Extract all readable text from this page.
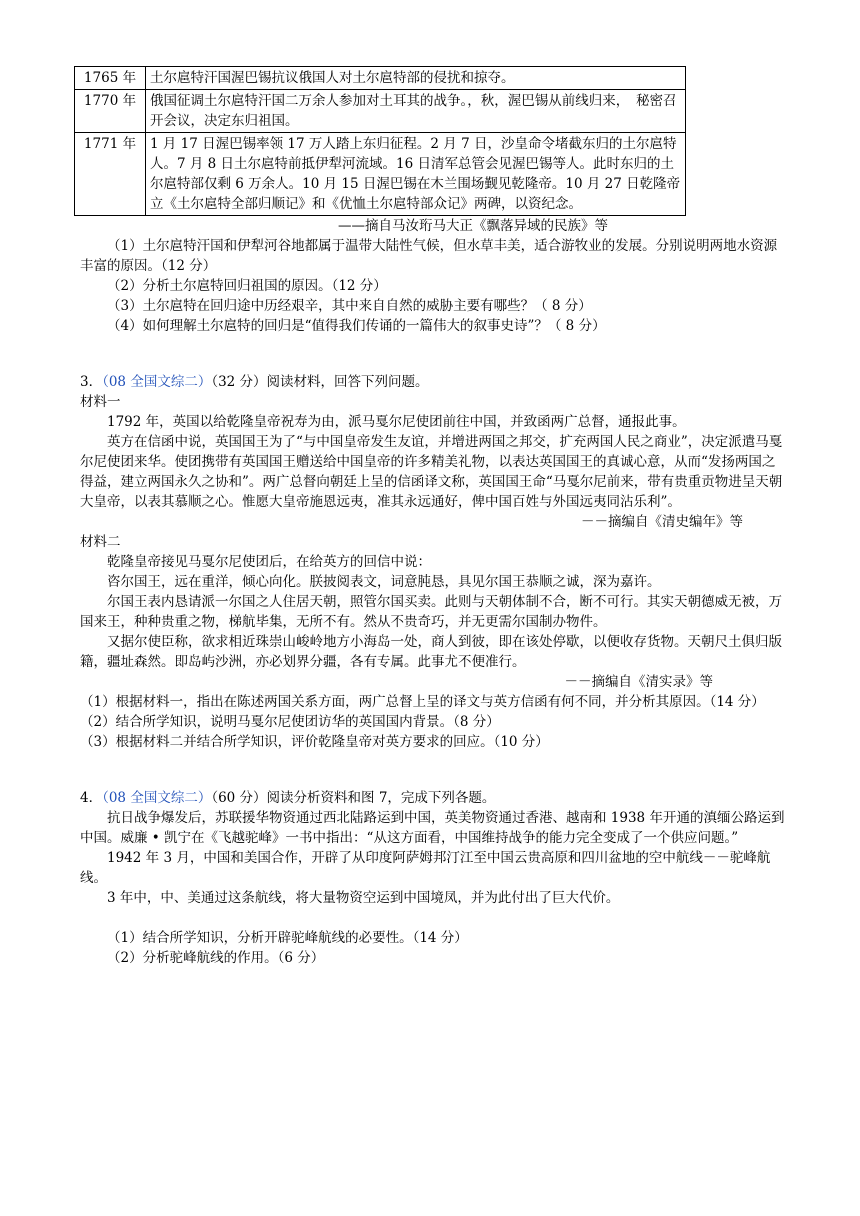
1765 年	土尔扈特汗国渥巴锡抗议俄国人对土尔扈特部的侵扰和掠夺。
1770 年	俄国征调土尔扈特汗国二万余人参加对土耳其的战争。，秋，渥巴锡从前线归来，　秘密召开会议，决定东归祖国。
1771 年	1 月 17 日渥巴锡率领 17 万人踏上东归征程。2 月 7 日，沙皇命令堵截东归的土尔扈特人。7 月 8 日土尔扈特前抵伊犁河流域。16 日清军总管会见渥巴锡等人。此时东归的土尔扈特部仅剩 6 万余人。10 月 15 日渥巴锡在木兰围场觐见乾隆帝。10 月 27 日乾隆帝立《土尔扈特全部归顺记》和《优恤土尔扈特部众记》两碑，以资纪念。

——摘自马汝珩马大正《飘落异域的民族》等

（1）土尔扈特汗国和伊犁河谷地都属于温带大陆性气候，但水草丰美，适合游牧业的发展。分别说明两地水资源丰富的原因。（12 分）

（2）分析土尔扈特回归祖国的原因。（12 分）

（3）土尔扈特在回归途中历经艰辛，其中来自自然的威胁主要有哪些？（ 8 分）

（4）如何理解土尔扈特的回归是“值得我们传诵的一篇伟大的叙事史诗”？（ 8 分）

3．（08 全国文综二）（32 分）阅读材料，回答下列问题。

材料一

1792 年，英国以给乾隆皇帝祝寿为由，派马戛尔尼使团前往中国，并致函两广总督，通报此事。

英方在信函中说，英国国王为了“与中国皇帝发生友谊，并增进两国之邦交，扩充两国人民之商业”，决定派遣马戛尔尼使团来华。使团携带有英国国王赠送给中国皇帝的许多精美礼物，以表达英国国王的真诚心意，从而“发扬两国之得益，建立两国永久之协和”。两广总督向朝廷上呈的信函译文称，英国国王命“马戛尔尼前来，带有贵重贡物进呈天朝大皇帝，以表其慕顺之心。惟愿大皇帝施恩远夷，准其永远通好，俾中国百姓与外国远夷同沾乐利”。

－－摘编自《清史编年》等

材料二

乾隆皇帝接见马戛尔尼使团后，在给英方的回信中说：

咨尔国王，远在重洋，倾心向化。朕披阅表文，词意肫恳，具见尔国王恭顺之诚，深为嘉许。

尔国王表内恳请派一尔国之人住居天朝，照管尔国买卖。此则与天朝体制不合，断不可行。其实天朝德威无被，万国来王，种种贵重之物，梯航毕集，无所不有。然从不贵奇巧，并无更需尔国制办物件。

又据尔使臣称，欲求相近珠崇山峻岭地方小海岛一处，商人到彼，即在该处停歇，以便收存货物。天朝尺土俱归版籍，疆址森然。即岛屿沙洲，亦必划界分疆，各有专属。此事尤不便准行。

－－摘编自《清实录》等

（1）根据材料一，指出在陈述两国关系方面，两广总督上呈的译文与英方信函有何不同，并分析其原因。（14 分）

（2）结合所学知识，说明马戛尔尼使团访华的英国国内背景。（8 分）

（3）根据材料二并结合所学知识，评价乾隆皇帝对英方要求的回应。（10 分）

4．（08 全国文综二）（60 分）阅读分析资料和图 7，完成下列各题。

抗日战争爆发后，苏联援华物资通过西北陆路运到中国，英美物资通过香港、越南和 1938 年开通的滇缅公路运到中国。威廉 • 凯宁在《飞越驼峰》一书中指出：“从这方面看，中国维持战争的能力完全变成了一个供应问题。”

1942 年 3 月，中国和美国合作，开辟了从印度阿萨姆邦汀江至中国云贵高原和四川盆地的空中航线－－驼峰航线。

3 年中，中、美通过这条航线，将大量物资空运到中国境凤，并为此付出了巨大代价。

（1）结合所学知识，分析开辟驼峰航线的必要性。（14 分）

（2）分析驼峰航线的作用。（6 分）
